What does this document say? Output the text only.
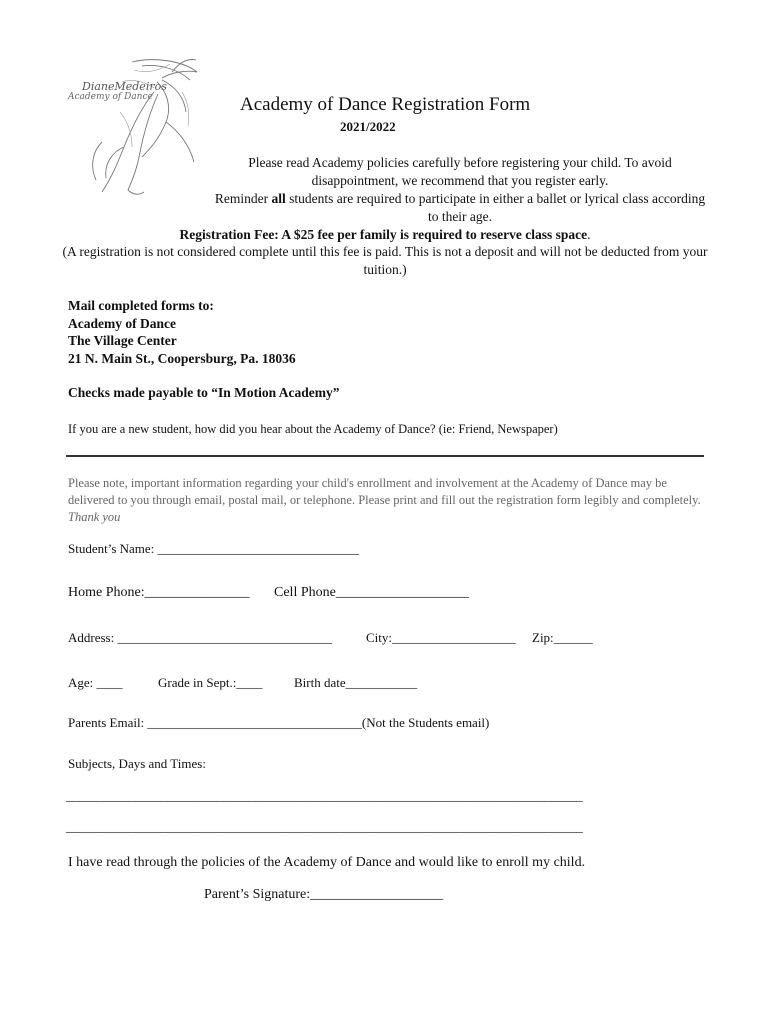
DianeMedeiros
Academy of Dance	Academy of Dance Registration Form
2021/2022
Please read Academy policies carefully before registering your child. To avoid disappointment, we recommend that you register early.
Reminder all students are required to participate in either a ballet or lyrical class according to their age.
Registration Fee: A $25 fee per family is required to reserve class space.
(A registration is not considered complete until this fee is paid. This is not a deposit and will not be deducted from your tuition.)
Mail completed forms to:
Academy of Dance
The Village Center
21 N. Main St., Coopersburg, Pa. 18036
Checks made payable to “In Motion Academy”
If you are a new student, how did you hear about the Academy of Dance? (ie: Friend, Newspaper)
Please note, important information regarding your child's enrollment and involvement at the Academy of Dance may be delivered to you through email, postal mail, or telephone. Please print and fill out the registration form legibly and completely. Thank you
Student’s Name: _______________________________
Home Phone:_______________ Cell Phone___________________
Address: _________________________________	City:___________________ Zip:______
Age: ____	Grade in Sept.:____ Birth date___________
Parents Email: _________________________________(Not the Students email)
Subjects, Days and Times:
__________________________________________________________________________________
__________________________________________________________________________________
I have read through the policies of the Academy of Dance and would like to enroll my child.
Parent’s Signature:___________________
